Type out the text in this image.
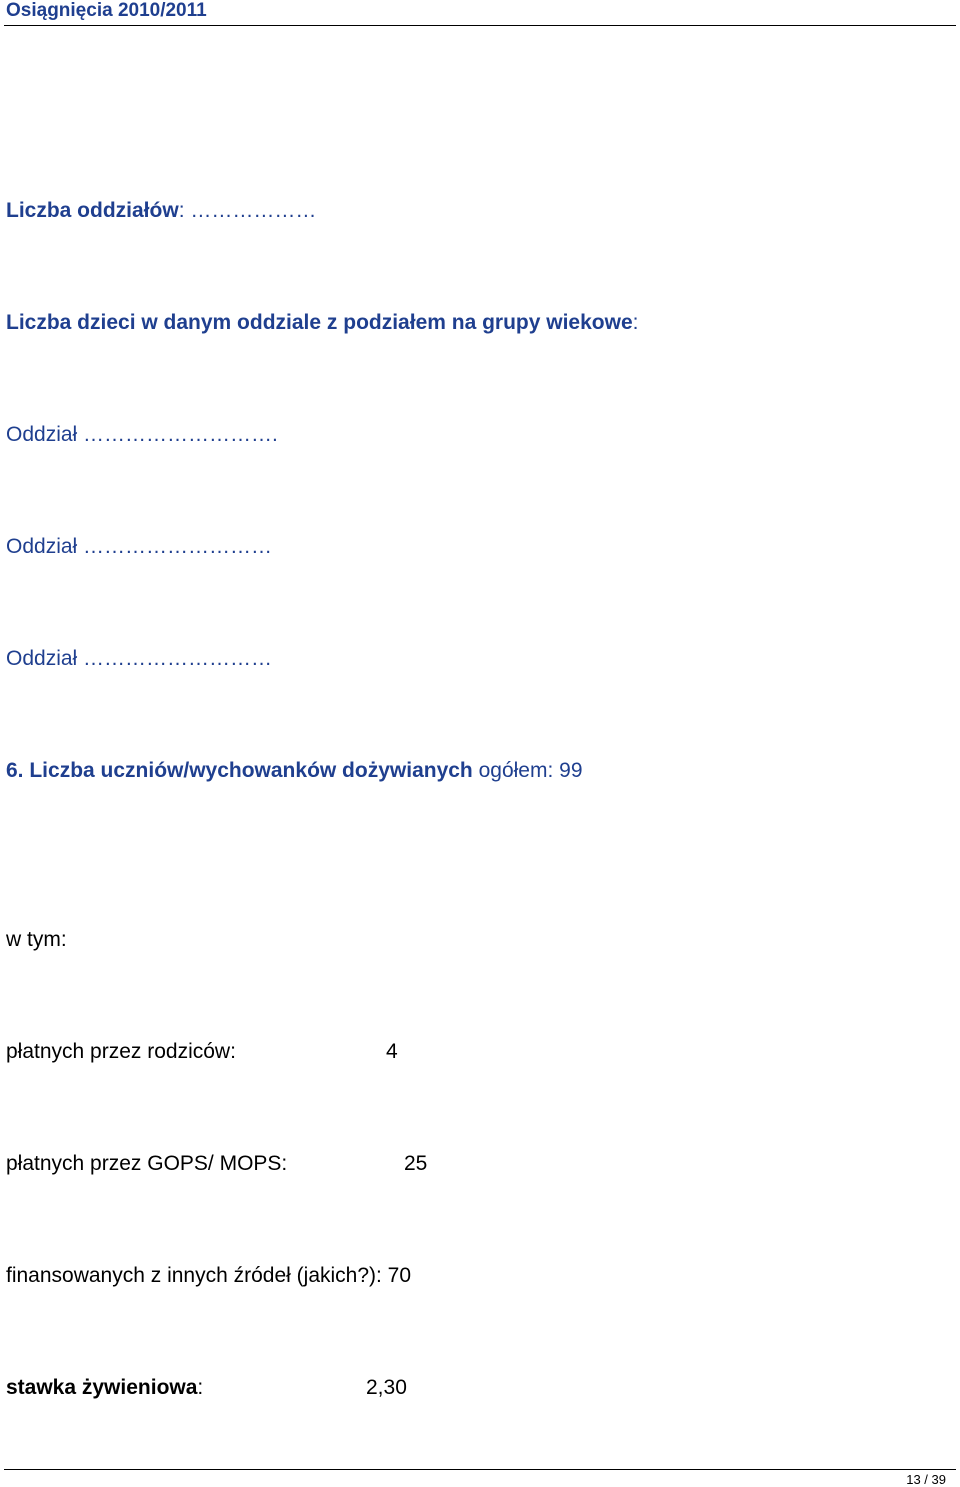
Osiągnięcia 2010/2011
Liczba oddziałów: ………………
Liczba dzieci w danym oddziale z podziałem na grupy wiekowe:
Oddział ……………………….
Oddział ………………………
Oddział ………………………
6. Liczba uczniów/wychowanków dożywianych ogółem: 99
w tym:
płatnych przez rodziców:	4
płatnych przez GOPS/ MOPS:	25
finansowanych z innych źródeł (jakich?): 70
stawka żywieniowa:	2,30
13 / 39
